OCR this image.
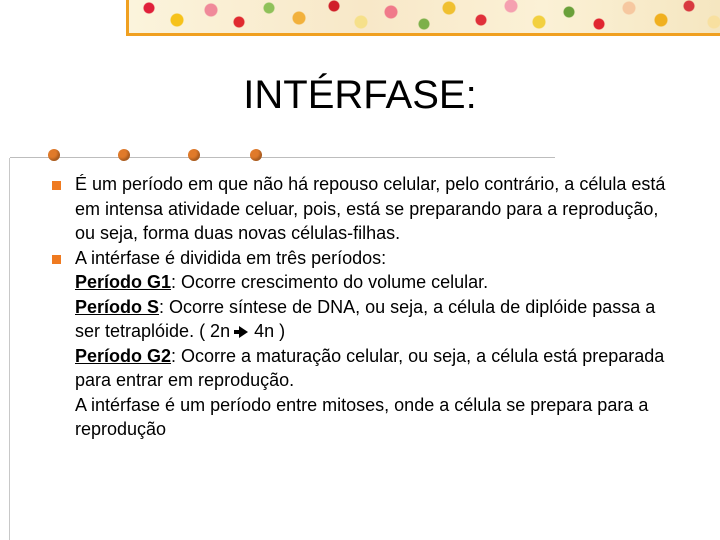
INTÉRFASE:
É um período em que não há repouso celular, pelo contrário, a célula está em intensa atividade celuar, pois, está se preparando para a reprodução, ou seja, forma duas novas células-filhas.
A intérfase é dividida em três períodos:
Período G1: Ocorre crescimento do volume celular.
Período S: Ocorre síntese de DNA, ou seja, a célula de diplóide passa a ser tetraplóide. ( 2n 4n )
Período G2: Ocorre a maturação celular, ou seja, a célula está preparada para entrar em reprodução.
A intérfase é um período entre mitoses, onde a célula se prepara para a reprodução
